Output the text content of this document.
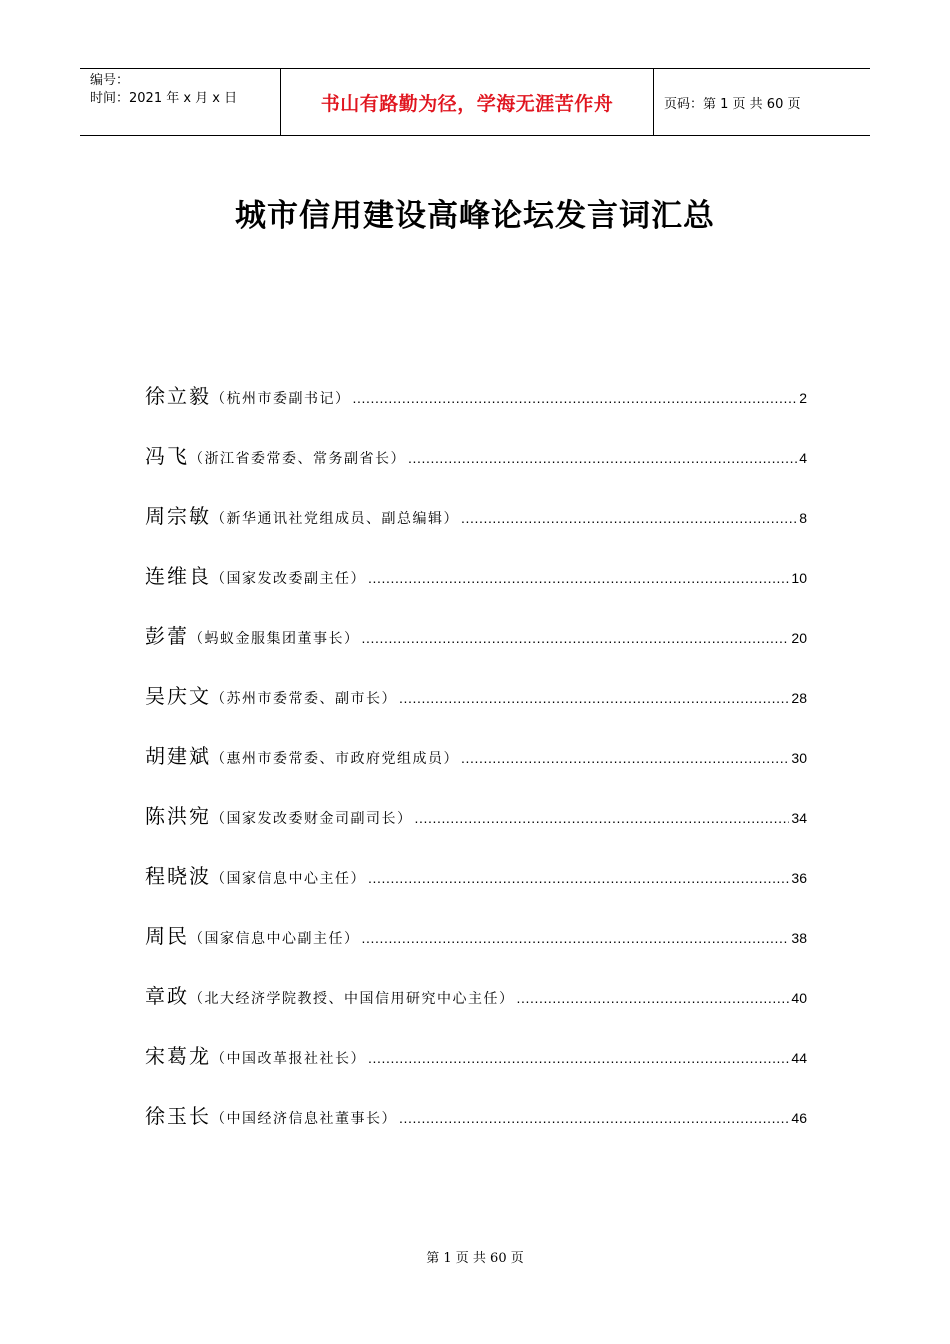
编号：
时间：2021 年 x 月 x 日	书山有路勤为径，学海无涯苦作舟	页码：第 1 页 共 60 页
城市信用建设高峰论坛发言词汇总
徐立毅 （杭州市委副书记） .....	2
冯飞 （浙江省委常委、常务副省长） .....	4
周宗敏 （新华通讯社党组成员、副总编辑） .....	8
连维良 （国家发改委副主任） .....	10
彭蕾 （蚂蚁金服集团董事长） .....	20
吴庆文 （苏州市委常委、副市长） .....	28
胡建斌 （惠州市委常委、市政府党组成员） .....	30
陈洪宛 （国家发改委财金司副司长） .....	34
程晓波 （国家信息中心主任） .....	36
周民 （国家信息中心副主任） .....	38
章政 （北大经济学院教授、中国信用研究中心主任） .....	40
宋葛龙 （中国改革报社社长） .....	44
徐玉长 （中国经济信息社董事长） .....	46
第 1 页 共 60 页
